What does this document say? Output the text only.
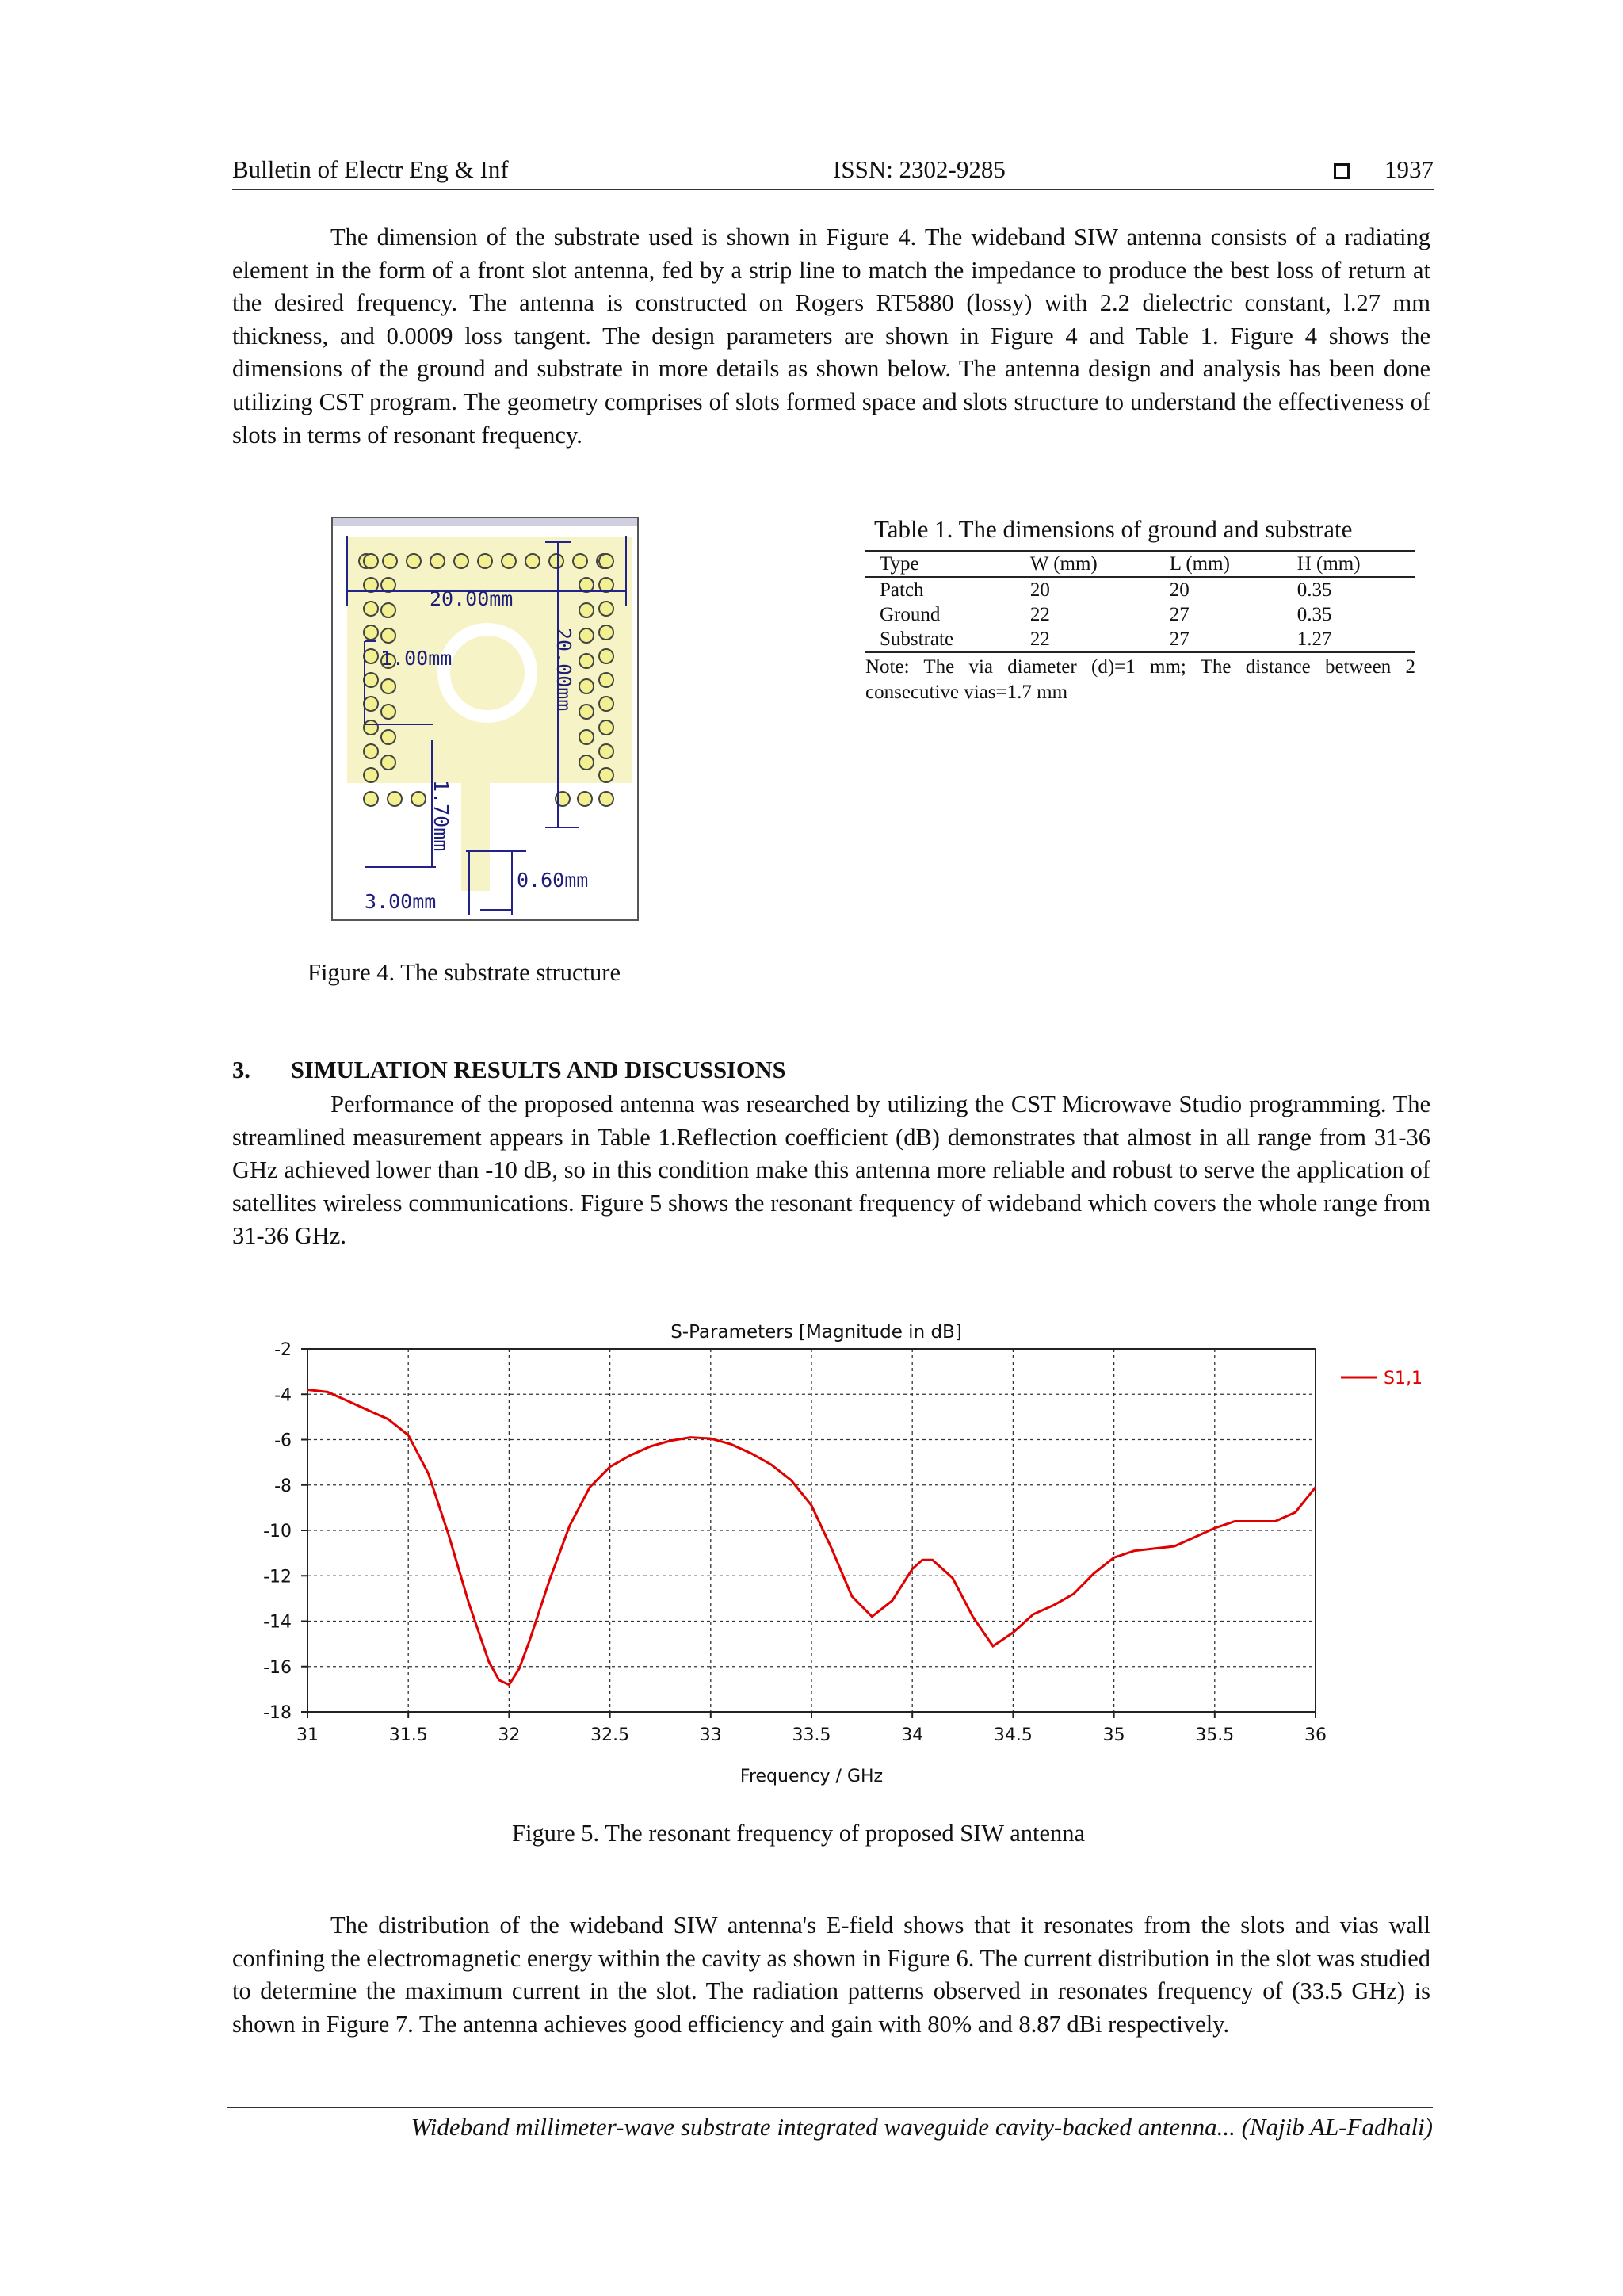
Bulletin of Electr Eng & Inf	ISSN: 2302-9285	1937

The dimension of the substrate used is shown in Figure 4. The wideband SIW antenna consists of a radiating element in the form of a front slot antenna, fed by a strip line to match the impedance to produce the best loss of return at the desired frequency. The antenna is constructed on Rogers RT5880 (lossy) with 2.2 dielectric constant, l.27 mm thickness, and 0.0009 loss tangent. The design parameters are shown in Figure 4 and Table 1. Figure 4 shows the dimensions of the ground and substrate in more details as shown below. The antenna design and analysis has been done utilizing CST program. The geometry comprises of slots formed space and slots structure to understand the effectiveness of slots in terms of resonant frequency.

20.00mm
1.00mm	20.00mm
1.70mm
0.60mm
3.00mm
Figure 4. The substrate structure
Table 1. The dimensions of ground and substrate
Type	W (mm)	L (mm)	H (mm)
Patch	20	20	0.35
Ground	22	27	0.35
Substrate	22	27	1.27

Note: The via diameter (d)=1 mm; The distance between 2 consecutive vias=1.7 mm

3. SIMULATION RESULTS AND DISCUSSIONS

Performance of the proposed antenna was researched by utilizing the CST Microwave Studio programming. The streamlined measurement appears in Table 1.Reflection coefficient (dB) demonstrates that almost in all range from 31-36 GHz achieved lower than -10 dB, so in this condition make this antenna more reliable and robust to serve the application of satellites wireless communications. Figure 5 shows the resonant frequency of wideband which covers the whole range from 31-36 GHz.

S-Parameters [Magnitude in dB]
31	31.5	32	32.5	33	33.5	34	34.5	35	35.5	36
-2
-4
-6
-8
-10
-12
-14
-16
-18
Frequency / GHz
S1,1
Figure 5. The resonant frequency of proposed SIW antenna

The distribution of the wideband SIW antenna's E-field shows that it resonates from the slots and vias wall confining the electromagnetic energy within the cavity as shown in Figure 6. The current distribution in the slot was studied to determine the maximum current in the slot. The radiation patterns observed in resonates frequency of (33.5 GHz) is shown in Figure 7. The antenna achieves good efficiency and gain with 80% and 8.87 dBi respectively.

Wideband millimeter-wave substrate integrated waveguide cavity-backed antenna... (Najib AL-Fadhali)
